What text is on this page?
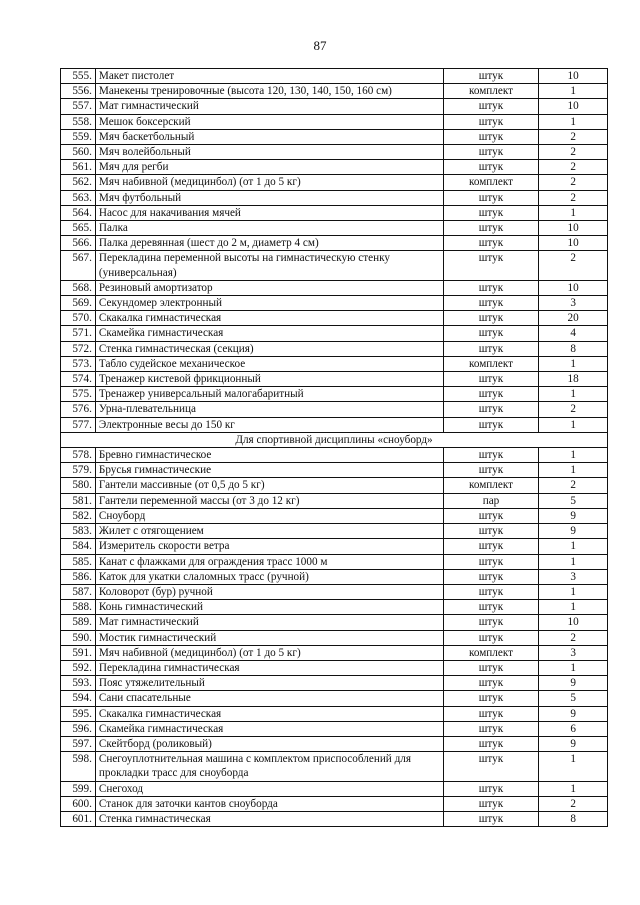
87
555.	Макет пистолет	штук	10
556.	Манекены тренировочные (высота 120, 130, 140, 150, 160 см)	комплект	1
557.	Мат гимнастический	штук	10
558.	Мешок боксерский	штук	1
559.	Мяч баскетбольный	штук	2
560.	Мяч волейбольный	штук	2
561.	Мяч для регби	штук	2
562.	Мяч набивной (медицинбол) (от 1 до 5 кг)	комплект	2
563.	Мяч футбольный	штук	2
564.	Насос для накачивания мячей	штук	1
565.	Палка	штук	10
566.	Палка деревянная (шест до 2 м, диаметр 4 см)	штук	10
567.	Перекладина переменной высоты на гимнастическую стенку (универсальная)	штук	2
568.	Резиновый амортизатор	штук	10
569.	Секундомер электронный	штук	3
570.	Скакалка гимнастическая	штук	20
571.	Скамейка гимнастическая	штук	4
572.	Стенка гимнастическая (секция)	штук	8
573.	Табло судейское механическое	комплект	1
574.	Тренажер кистевой фрикционный	штук	18
575.	Тренажер универсальный малогабаритный	штук	1
576.	Урна-плевательница	штук	2
577.	Электронные весы до 150 кг	штук	1
Для спортивной дисциплины «сноуборд»			
578.	Бревно гимнастическое	штук	1
579.	Брусья гимнастические	штук	1
580.	Гантели массивные (от 0,5 до 5 кг)	комплект	2
581.	Гантели переменной массы (от 3 до 12 кг)	пар	5
582.	Сноуборд	штук	9
583.	Жилет с отягощением	штук	9
584.	Измеритель скорости ветра	штук	1
585.	Канат с флажками для ограждения трасс 1000 м	штук	1
586.	Каток для укатки слаломных трасс (ручной)	штук	3
587.	Коловорот (бур) ручной	штук	1
588.	Конь гимнастический	штук	1
589.	Мат гимнастический	штук	10
590.	Мостик гимнастический	штук	2
591.	Мяч набивной (медицинбол) (от 1 до 5 кг)	комплект	3
592.	Перекладина гимнастическая	штук	1
593.	Пояс утяжелительный	штук	9
594.	Сани спасательные	штук	5
595.	Скакалка гимнастическая	штук	9
596.	Скамейка гимнастическая	штук	6
597.	Скейтборд (роликовый)	штук	9
598.	Снегоуплотнительная машина с комплектом приспособлений для прокладки трасс для сноуборда	штук	1
599.	Снегоход	штук	1
600.	Станок для заточки кантов сноуборда	штук	2
601.	Стенка гимнастическая	штук	8
